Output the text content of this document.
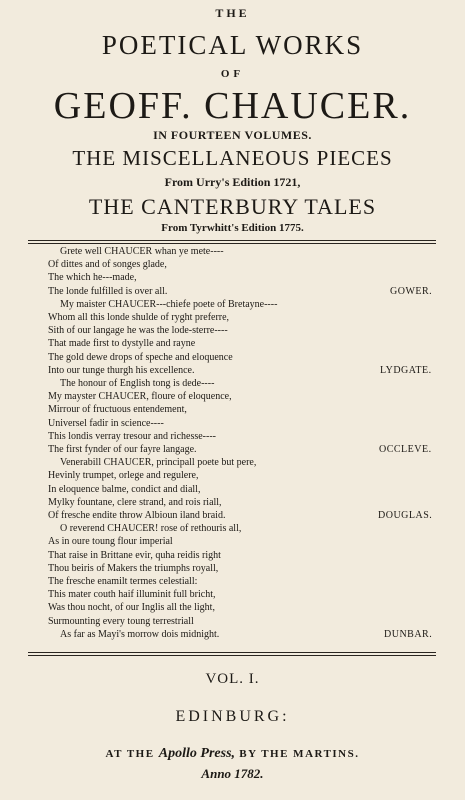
THE
POETICAL WORKS
OF
GEOFF. CHAUCER.
IN FOURTEEN VOLUMES.
THE MISCELLANEOUS PIECES
From Urry's Edition 1721,
THE CANTERBURY TALES
From Tyrwhitt's Edition 1775.
Grete well CHAUCER whan ye mete----
Of dittes and of songes glade,
The which he---made,
The londe fulfilled is over all.
My maister CHAUCER---chiefe poete of Bretayne----
Whom all this londe shulde of ryght preferre,
Sith of our langage he was the lode-sterre----
That made first to dystylle and rayne
The gold dewe drops of speche and eloquence
Into our tunge thurgh his excellence.
The honour of English tong is dede----
My mayster CHAUCER, floure of eloquence,
Mirrour of fructuous entendement,
Universel fadir in science----
This londis verray tresour and richesse----
The first fynder of our fayre langage.
Venerabill CHAUCER, principall poete but pere,
Hevinly trumpet, orlege and regulere,
In eloquence balme, condict and diall,
Mylky fountane, clere strand, and rois riall,
Of fresche endite throw Albioun iland braid.
O reverend CHAUCER! rose of rethouris all,
As in oure toung flour imperial
That raise in Brittane evir, quha reidis right
Thou beiris of Makers the triumphs royall,
The fresche enamilt termes celestiall:
This mater couth haif illuminit full bricht,
Was thou nocht, of our Inglis all the light,
Surmounting every toung terrestriall
As far as Mayi's morrow dois midnight.
GOWER.
LYDGATE.
OCCLEVE.
DOUGLAS.
DUNBAR.
VOL. I.
EDINBURG:
AT THE Apollo Press, BY THE MARTINS.
Anno 1782.
